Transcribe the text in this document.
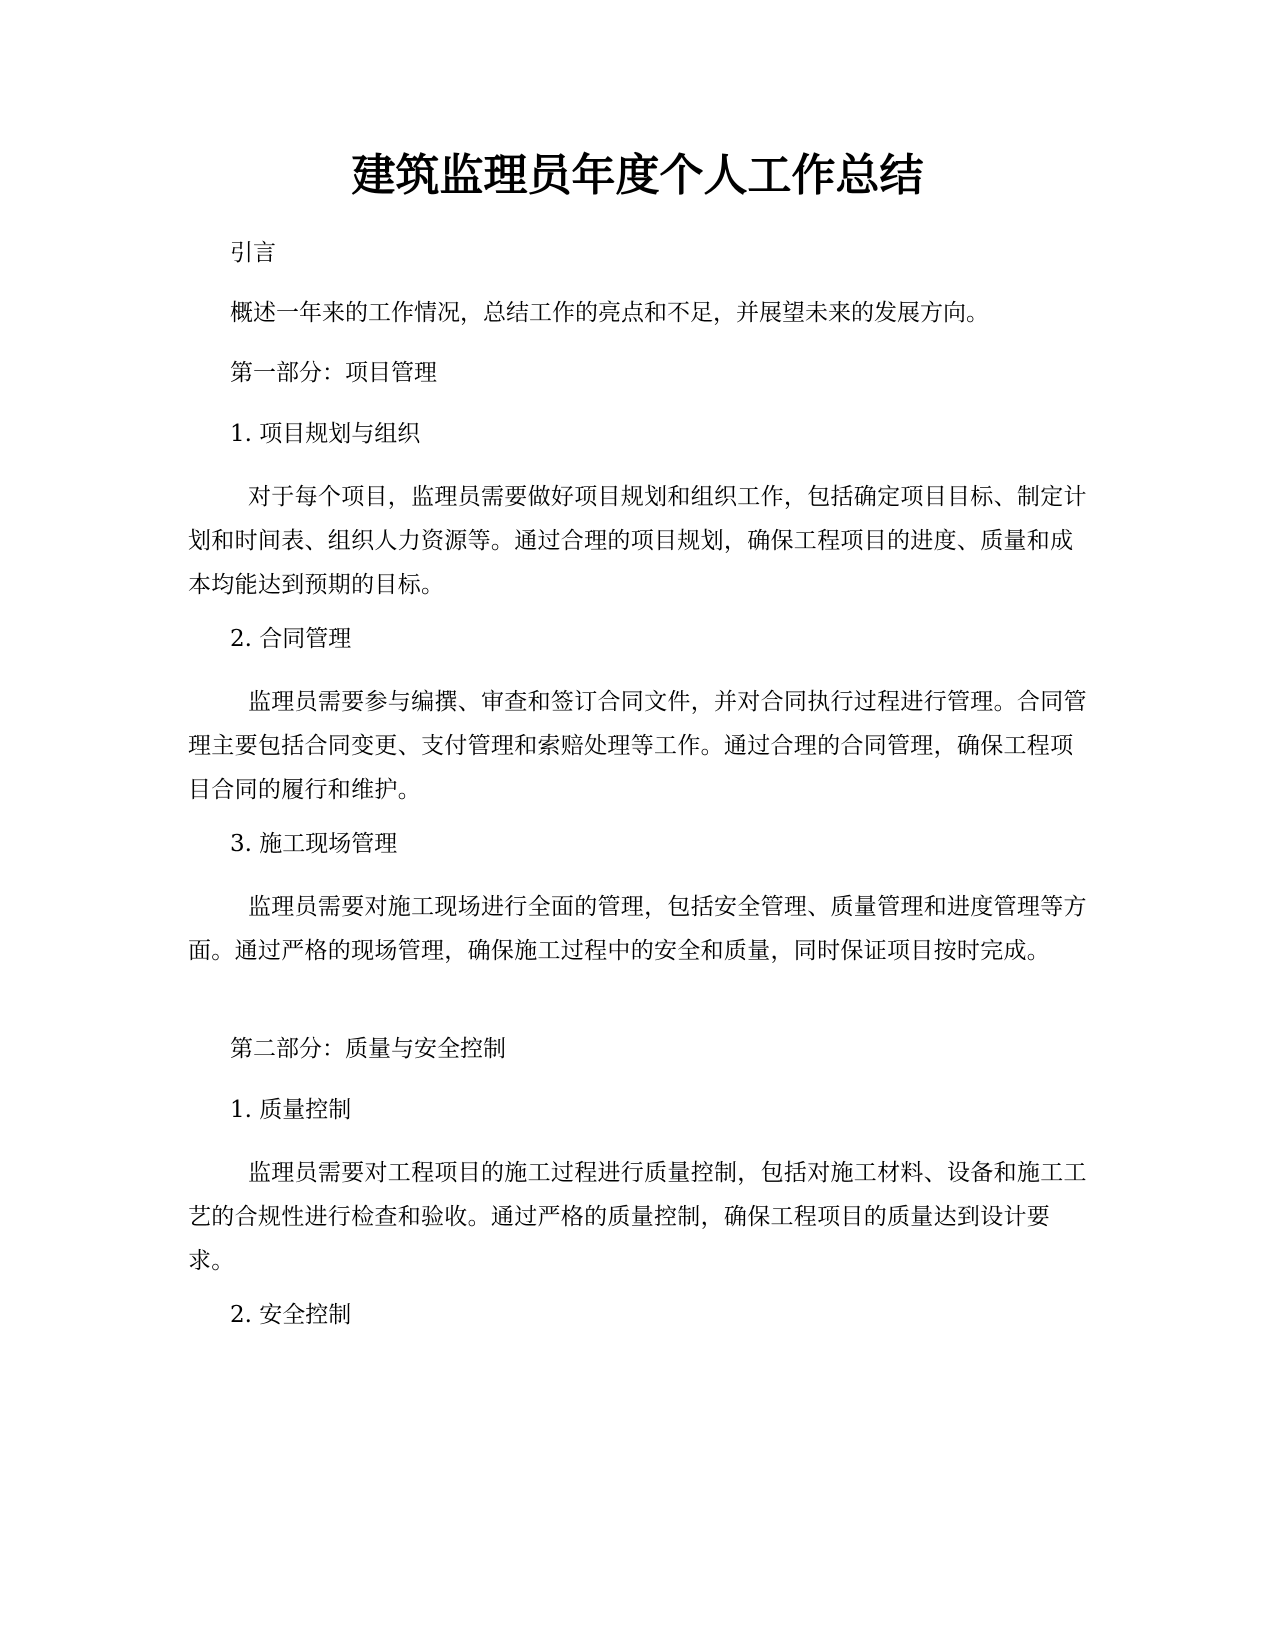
建筑监理员年度个人工作总结
引言
概述一年来的工作情况，总结工作的亮点和不足，并展望未来的发展方向。
第一部分：项目管理
1. 项目规划与组织
对于每个项目，监理员需要做好项目规划和组织工作，包括确定项目目标、制定计划和时间表、组织人力资源等。通过合理的项目规划，确保工程项目的进度、质量和成本均能达到预期的目标。
2. 合同管理
监理员需要参与编撰、审查和签订合同文件，并对合同执行过程进行管理。合同管理主要包括合同变更、支付管理和索赔处理等工作。通过合理的合同管理，确保工程项目合同的履行和维护。
3. 施工现场管理
监理员需要对施工现场进行全面的管理，包括安全管理、质量管理和进度管理等方面。通过严格的现场管理，确保施工过程中的安全和质量，同时保证项目按时完成。
第二部分：质量与安全控制
1. 质量控制
监理员需要对工程项目的施工过程进行质量控制，包括对施工材料、设备和施工工艺的合规性进行检查和验收。通过严格的质量控制，确保工程项目的质量达到设计要求。
2. 安全控制
